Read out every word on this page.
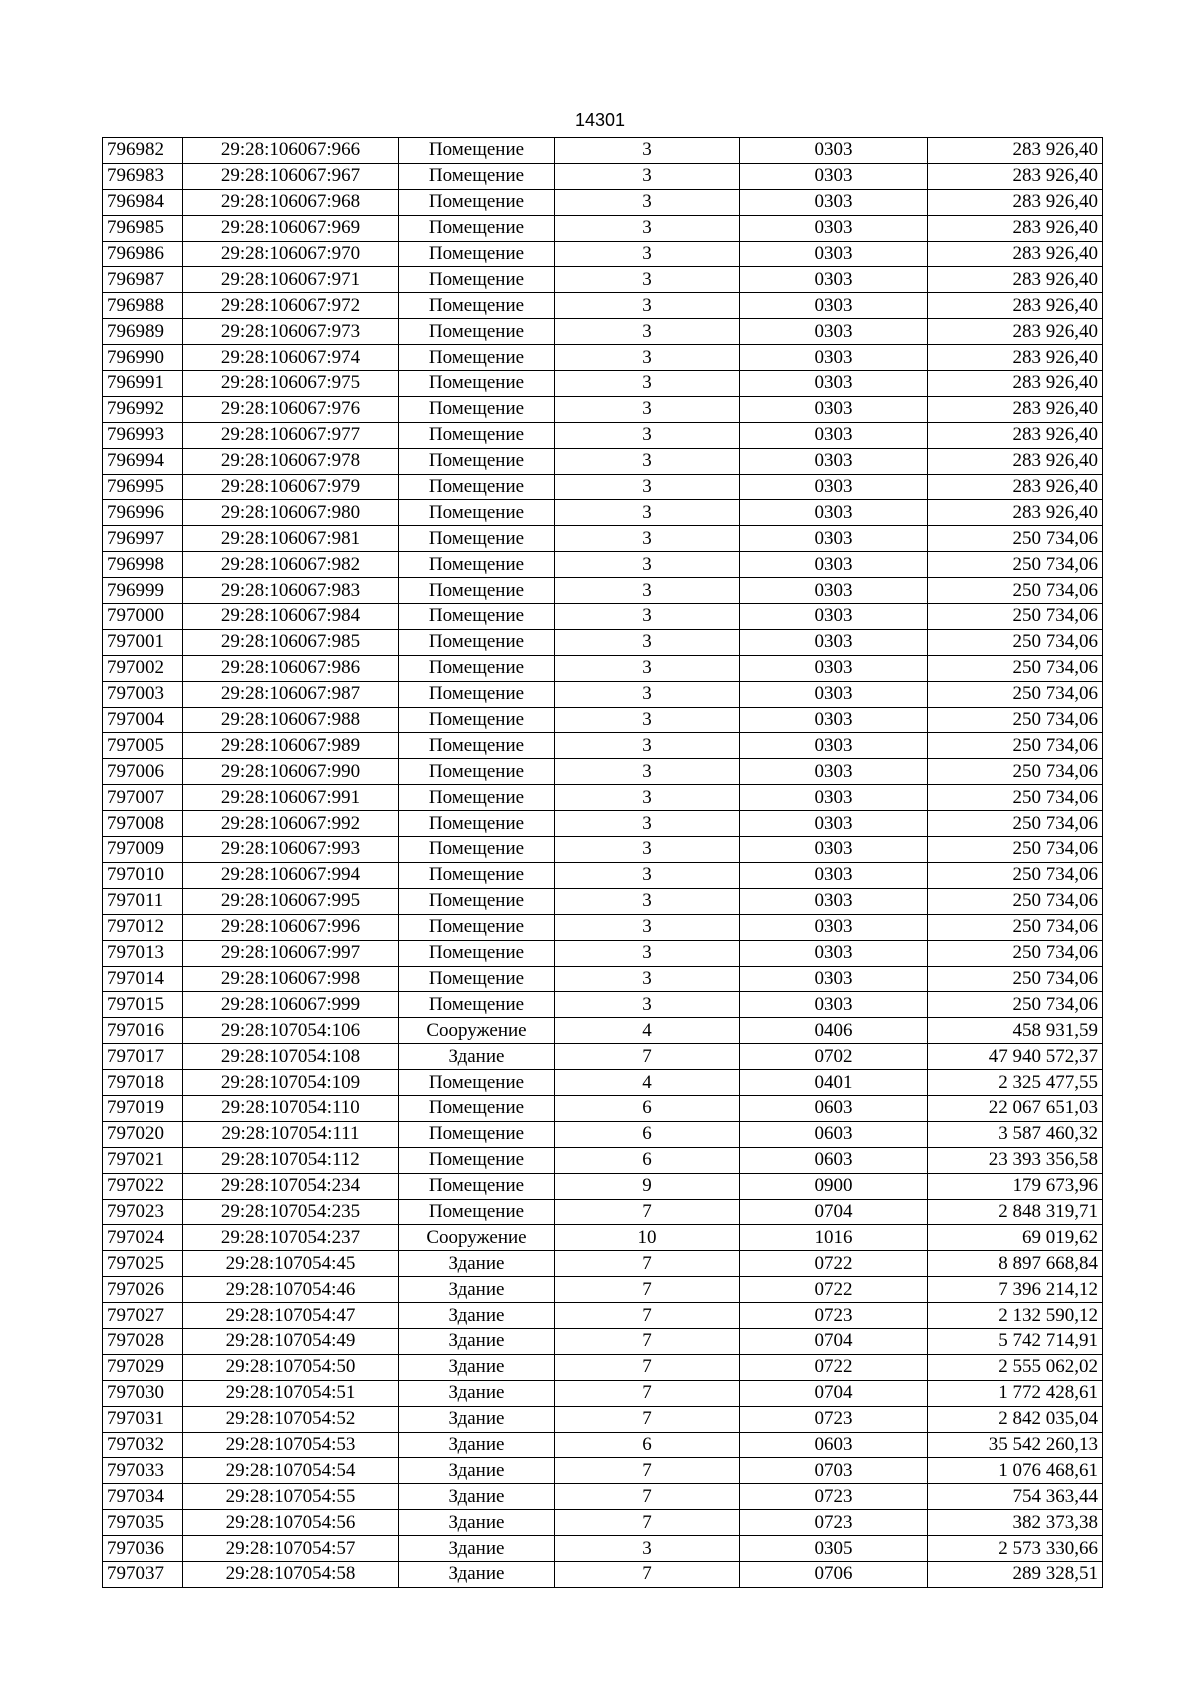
14301
796982	29:28:106067:966	Помещение	3	0303	283 926,40
796983	29:28:106067:967	Помещение	3	0303	283 926,40
796984	29:28:106067:968	Помещение	3	0303	283 926,40
796985	29:28:106067:969	Помещение	3	0303	283 926,40
796986	29:28:106067:970	Помещение	3	0303	283 926,40
796987	29:28:106067:971	Помещение	3	0303	283 926,40
796988	29:28:106067:972	Помещение	3	0303	283 926,40
796989	29:28:106067:973	Помещение	3	0303	283 926,40
796990	29:28:106067:974	Помещение	3	0303	283 926,40
796991	29:28:106067:975	Помещение	3	0303	283 926,40
796992	29:28:106067:976	Помещение	3	0303	283 926,40
796993	29:28:106067:977	Помещение	3	0303	283 926,40
796994	29:28:106067:978	Помещение	3	0303	283 926,40
796995	29:28:106067:979	Помещение	3	0303	283 926,40
796996	29:28:106067:980	Помещение	3	0303	283 926,40
796997	29:28:106067:981	Помещение	3	0303	250 734,06
796998	29:28:106067:982	Помещение	3	0303	250 734,06
796999	29:28:106067:983	Помещение	3	0303	250 734,06
797000	29:28:106067:984	Помещение	3	0303	250 734,06
797001	29:28:106067:985	Помещение	3	0303	250 734,06
797002	29:28:106067:986	Помещение	3	0303	250 734,06
797003	29:28:106067:987	Помещение	3	0303	250 734,06
797004	29:28:106067:988	Помещение	3	0303	250 734,06
797005	29:28:106067:989	Помещение	3	0303	250 734,06
797006	29:28:106067:990	Помещение	3	0303	250 734,06
797007	29:28:106067:991	Помещение	3	0303	250 734,06
797008	29:28:106067:992	Помещение	3	0303	250 734,06
797009	29:28:106067:993	Помещение	3	0303	250 734,06
797010	29:28:106067:994	Помещение	3	0303	250 734,06
797011	29:28:106067:995	Помещение	3	0303	250 734,06
797012	29:28:106067:996	Помещение	3	0303	250 734,06
797013	29:28:106067:997	Помещение	3	0303	250 734,06
797014	29:28:106067:998	Помещение	3	0303	250 734,06
797015	29:28:106067:999	Помещение	3	0303	250 734,06
797016	29:28:107054:106	Сооружение	4	0406	458 931,59
797017	29:28:107054:108	Здание	7	0702	47 940 572,37
797018	29:28:107054:109	Помещение	4	0401	2 325 477,55
797019	29:28:107054:110	Помещение	6	0603	22 067 651,03
797020	29:28:107054:111	Помещение	6	0603	3 587 460,32
797021	29:28:107054:112	Помещение	6	0603	23 393 356,58
797022	29:28:107054:234	Помещение	9	0900	179 673,96
797023	29:28:107054:235	Помещение	7	0704	2 848 319,71
797024	29:28:107054:237	Сооружение	10	1016	69 019,62
797025	29:28:107054:45	Здание	7	0722	8 897 668,84
797026	29:28:107054:46	Здание	7	0722	7 396 214,12
797027	29:28:107054:47	Здание	7	0723	2 132 590,12
797028	29:28:107054:49	Здание	7	0704	5 742 714,91
797029	29:28:107054:50	Здание	7	0722	2 555 062,02
797030	29:28:107054:51	Здание	7	0704	1 772 428,61
797031	29:28:107054:52	Здание	7	0723	2 842 035,04
797032	29:28:107054:53	Здание	6	0603	35 542 260,13
797033	29:28:107054:54	Здание	7	0703	1 076 468,61
797034	29:28:107054:55	Здание	7	0723	754 363,44
797035	29:28:107054:56	Здание	7	0723	382 373,38
797036	29:28:107054:57	Здание	3	0305	2 573 330,66
797037	29:28:107054:58	Здание	7	0706	289 328,51
